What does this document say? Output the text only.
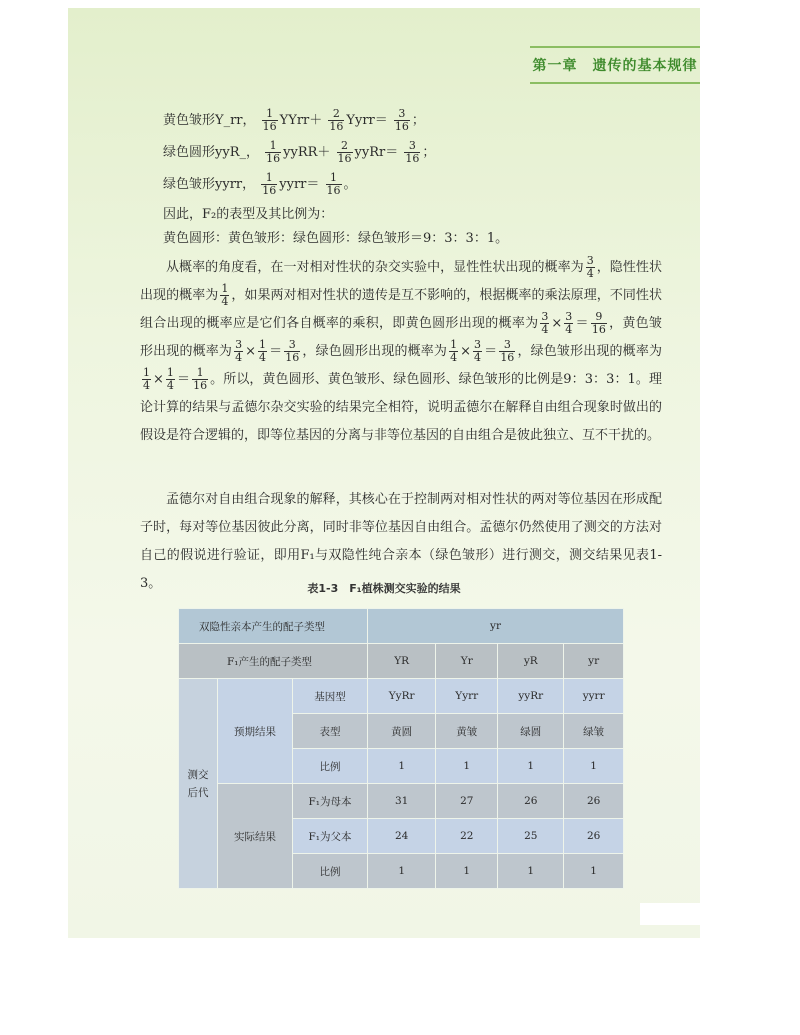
第一章　遗传的基本规律
黄色皱形Y_rr， $\frac{1}{16}$ YYrr＋ $\frac{2}{16}$ Yyrr＝ $\frac{3}{16}$ ；
绿色圆形yyR_， $\frac{1}{16}$ yyRR＋ $\frac{2}{16}$ yyRr＝ $\frac{3}{16}$ ；
绿色皱形yyrr， $\frac{1}{16}$ yyrr＝ $\frac{1}{16}$ 。
因此，F₂的表型及其比例为：
黄色圆形：黄色皱形：绿色圆形：绿色皱形＝9：3：3：1。
从概率的角度看，在一对相对性状的杂交实验中，显性性状出现的概率为 $\frac{3}{4}$ ，隐性性状出现的概率为 $\frac{1}{4}$ ，如果两对相对性状的遗传是互不影响的，根据概率的乘法原理，不同性状组合出现的概率应是它们各自概率的乘积，即黄色圆形出现的概率为 $\frac{3}{4} \times \frac{3}{4} = \frac{9}{16}$ ，黄色皱形出现的概率为 $\frac{3}{4} \times \frac{1}{4} = \frac{3}{16}$ ，绿色圆形出现的概率为 $\frac{1}{4} \times \frac{3}{4} = \frac{3}{16}$ ，绿色皱形出现的概率为
$\frac{1}{4} \times \frac{1}{4} = \frac{1}{16}$ 。所以，黄色圆形、黄色皱形、绿色圆形、绿色皱形的比例是9：3：3：1。理论计算的结果与孟德尔杂交实验的结果完全相符，说明孟德尔在解释自由组合现象时做出的假设是符合逻辑的，即等位基因的分离与非等位基因的自由组合是彼此独立、互不干扰的。
孟德尔对自由组合现象的解释，其核心在于控制两对相对性状的两对等位基因在形成配子时，每对等位基因彼此分离，同时非等位基因自由组合。孟德尔仍然使用了测交的方法对自己的假说进行验证，即用F₁与双隐性纯合亲本（绿色皱形）进行测交，测交结果见表1-3。	表1-3　F₁植株测交实验的结果
双隐性亲本产生的配子类型			yr			
F₁产生的配子类型			YR	Yr	yR	yr
测交
后代	预期结果	基因型	YyRr	Yyrr	yyRr	yyrr
		表型	黄圆	黄皱	绿圆	绿皱
		比例	1	1	1	1
	实际结果	F₁为母本	31	27	26	26
		F₁为父本	24	22	25	26
		比例	1	1	1	1
